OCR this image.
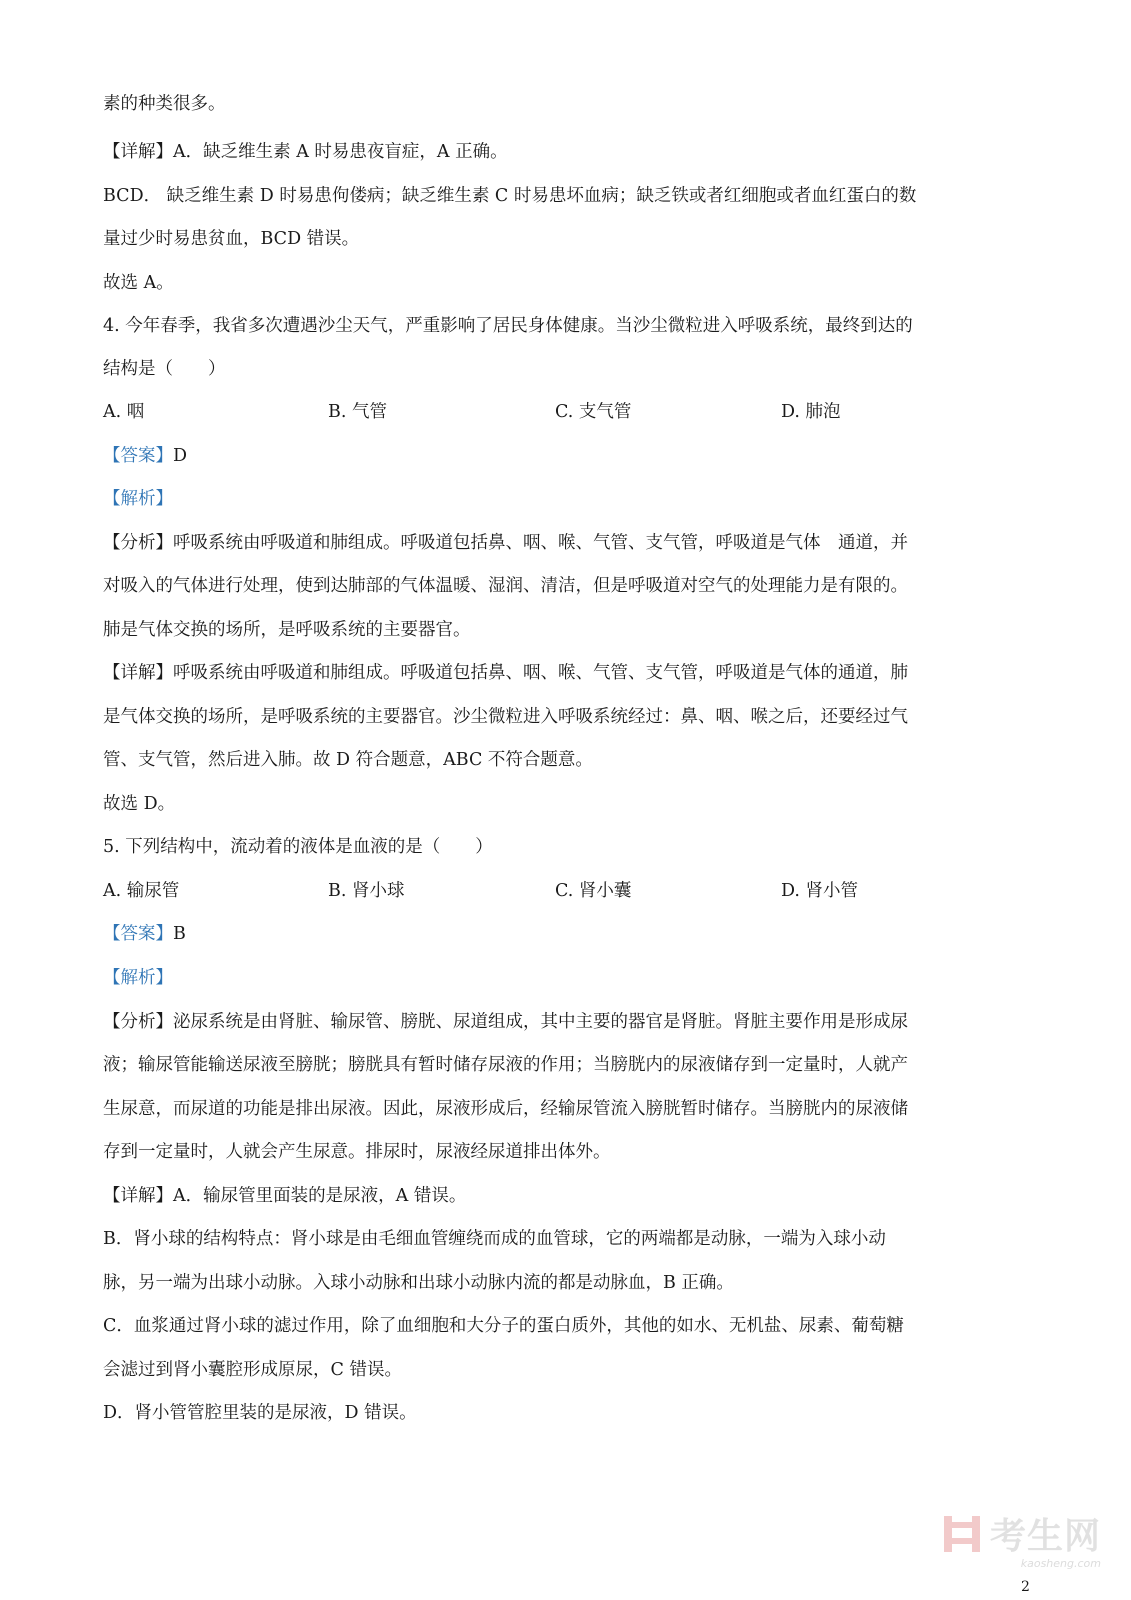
素的种类很多。
【详解】A．缺乏维生素 A 时易患夜盲症，A 正确。
BCD． 缺乏维生素 D 时易患佝偻病；缺乏维生素 C 时易患坏血病；缺乏铁或者红细胞或者血红蛋白的数
量过少时易患贫血，BCD 错误。
故选 A。
4. 今年春季，我省多次遭遇沙尘天气，严重影响了居民身体健康。当沙尘微粒进入呼吸系统，最终到达的
结构是（　　）
A. 咽	B. 气管	C. 支气管	D. 肺泡
【答案】D
【解析】
【分析】呼吸系统由呼吸道和肺组成。呼吸道包括鼻、咽、喉、气管、支气管，呼吸道是气体　通道，并
对吸入的气体进行处理，使到达肺部的气体温暖、湿润、清洁，但是呼吸道对空气的处理能力是有限的。
肺是气体交换的场所，是呼吸系统的主要器官。
【详解】呼吸系统由呼吸道和肺组成。呼吸道包括鼻、咽、喉、气管、支气管，呼吸道是气体的通道，肺
是气体交换的场所，是呼吸系统的主要器官。沙尘微粒进入呼吸系统经过：鼻、咽、喉之后，还要经过气
管、支气管，然后进入肺。故 D 符合题意，ABC 不符合题意。
故选 D。
5. 下列结构中，流动着的液体是血液的是（　　）
A. 输尿管	B. 肾小球	C. 肾小囊	D. 肾小管
【答案】B
【解析】
【分析】泌尿系统是由肾脏、输尿管、膀胱、尿道组成，其中主要的器官是肾脏。肾脏主要作用是形成尿
液；输尿管能输送尿液至膀胱；膀胱具有暂时储存尿液的作用；当膀胱内的尿液储存到一定量时，人就产
生尿意，而尿道的功能是排出尿液。因此，尿液形成后，经输尿管流入膀胱暂时储存。当膀胱内的尿液储
存到一定量时，人就会产生尿意。排尿时，尿液经尿道排出体外。
【详解】A．输尿管里面装的是尿液，A 错误。
B．肾小球的结构特点：肾小球是由毛细血管缠绕而成的血管球，它的两端都是动脉，一端为入球小动
脉，另一端为出球小动脉。入球小动脉和出球小动脉内流的都是动脉血，B 正确。
C．血浆通过肾小球的滤过作用，除了血细胞和大分子的蛋白质外，其他的如水、无机盐、尿素、葡萄糖
会滤过到肾小囊腔形成原尿，C 错误。
D．肾小管管腔里装的是尿液，D 错误。
考生网
kaosheng.com
2
